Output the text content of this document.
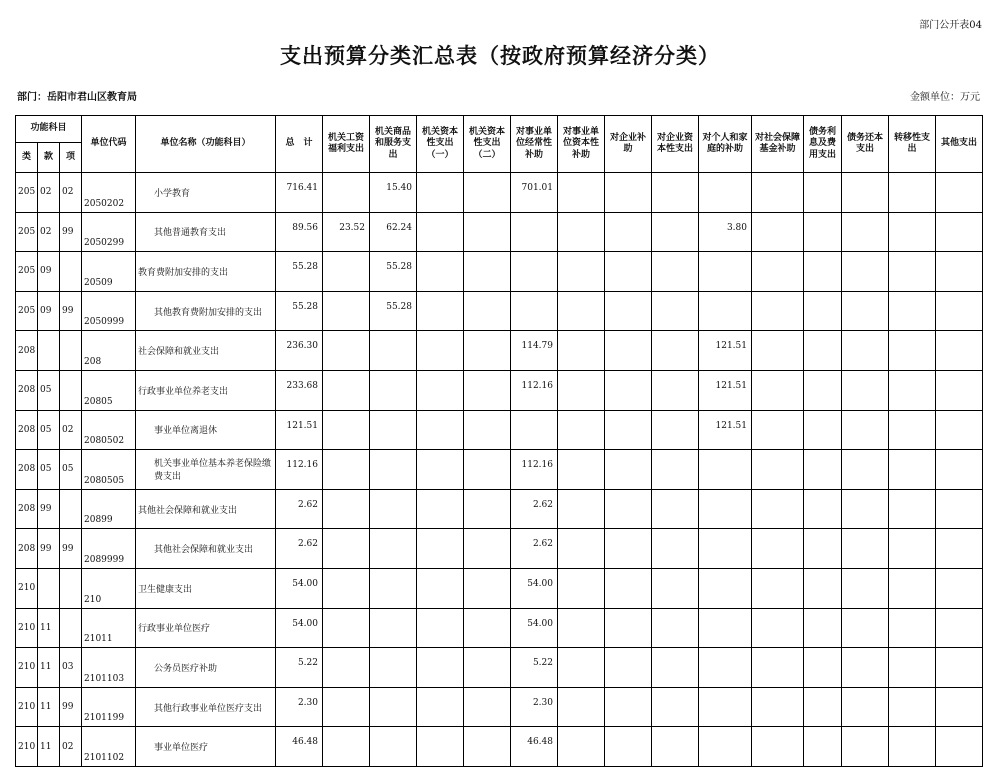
部门公开表04
支出预算分类汇总表（按政府预算经济分类）
部门：岳阳市君山区教育局	金额单位：万元
功能科目			单位代码	单位名称（功能科目）	总　计	机关工资福利支出	机关商品和服务支出	机关资本性支出（一）	机关资本性支出（二）	对事业单位经常性补助	对事业单位资本性补助	对企业补助	对企业资本性支出	对个人和家庭的补助	对社会保障基金补助	债务利息及费用支出	债务还本支出	转移性支出	其他支出
类	款	项																	
205	02	02	2050202	小学教育	716.41		15.40			701.01									
205	02	99	2050299	其他普通教育支出	89.56	23.52	62.24							3.80					
205	09		20509	教育费附加安排的支出	55.28		55.28												
205	09	99	2050999	其他教育费附加安排的支出	55.28		55.28												
208			208	社会保障和就业支出	236.30					114.79				121.51					
208	05		20805	行政事业单位养老支出	233.68					112.16				121.51					
208	05	02	2080502	事业单位离退休	121.51									121.51					
208	05	05	2080505	机关事业单位基本养老保险缴费支出	112.16					112.16									
208	99		20899	其他社会保障和就业支出	2.62					2.62									
208	99	99	2089999	其他社会保障和就业支出	2.62					2.62									
210			210	卫生健康支出	54.00					54.00									
210	11		21011	行政事业单位医疗	54.00					54.00									
210	11	03	2101103	公务员医疗补助	5.22					5.22									
210	11	99	2101199	其他行政事业单位医疗支出	2.30					2.30									
210	11	02	2101102	事业单位医疗	46.48					46.48									
